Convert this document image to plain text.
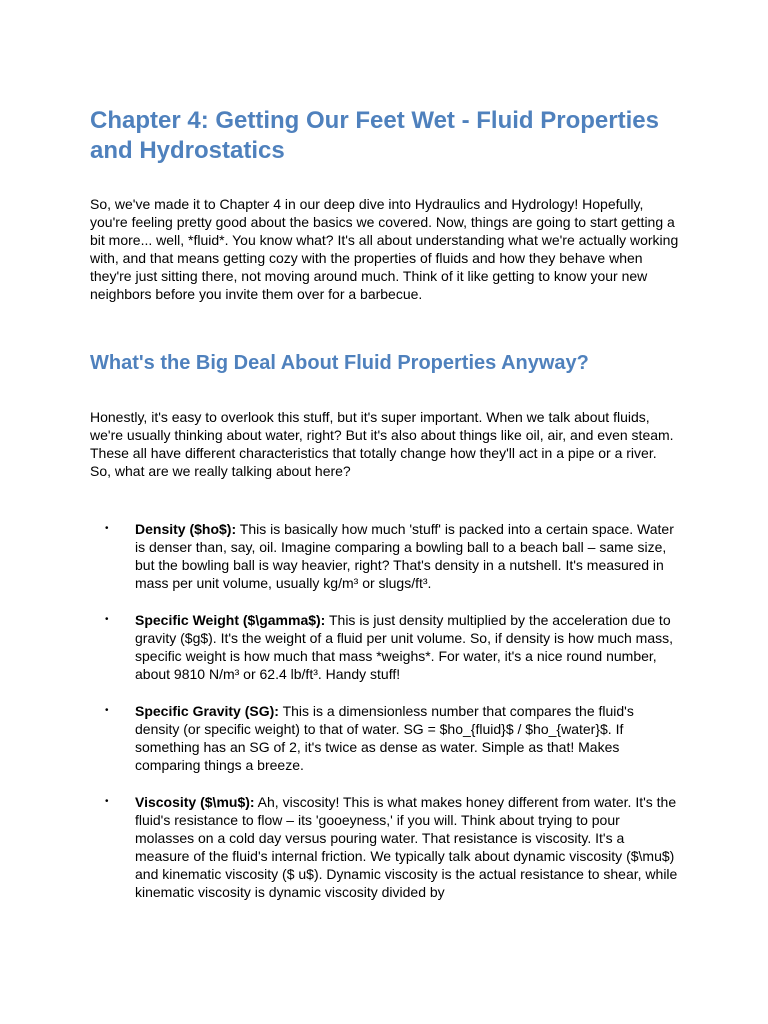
Chapter 4: Getting Our Feet Wet - Fluid Properties and Hydrostatics

So, we've made it to Chapter 4 in our deep dive into Hydraulics and Hydrology! Hopefully, you're feeling pretty good about the basics we covered. Now, things are going to start getting a bit more... well, *fluid*. You know what? It's all about understanding what we're actually working with, and that means getting cozy with the properties of fluids and how they behave when they're just sitting there, not moving around much. Think of it like getting to know your new neighbors before you invite them over for a barbecue.

What's the Big Deal About Fluid Properties Anyway?

Honestly, it's easy to overlook this stuff, but it's super important. When we talk about fluids, we're usually thinking about water, right? But it's also about things like oil, air, and even steam. These all have different characteristics that totally change how they'll act in a pipe or a river. So, what are we really talking about here?

• Density ($ho$): This is basically how much 'stuff' is packed into a certain space. Water is denser than, say, oil. Imagine comparing a bowling ball to a beach ball – same size, but the bowling ball is way heavier, right? That's density in a nutshell. It's measured in mass per unit volume, usually kg/m³ or slugs/ft³.
• Specific Weight ($\gamma$): This is just density multiplied by the acceleration due to gravity ($g$). It's the weight of a fluid per unit volume. So, if density is how much mass, specific weight is how much that mass *weighs*. For water, it's a nice round number, about 9810 N/m³ or 62.4 lb/ft³. Handy stuff!
• Specific Gravity (SG): This is a dimensionless number that compares the fluid's density (or specific weight) to that of water. SG = $ho_{fluid}$ / $ho_{water}$. If something has an SG of 2, it's twice as dense as water. Simple as that! Makes comparing things a breeze.
• Viscosity ($\mu$): Ah, viscosity! This is what makes honey different from water. It's the fluid's resistance to flow – its 'gooeyness,' if you will. Think about trying to pour molasses on a cold day versus pouring water. That resistance is viscosity. It's a measure of the fluid's internal friction. We typically talk about dynamic viscosity ($\mu$) and kinematic viscosity ($ u$). Dynamic viscosity is the actual resistance to shear, while kinematic viscosity is dynamic viscosity divided by
